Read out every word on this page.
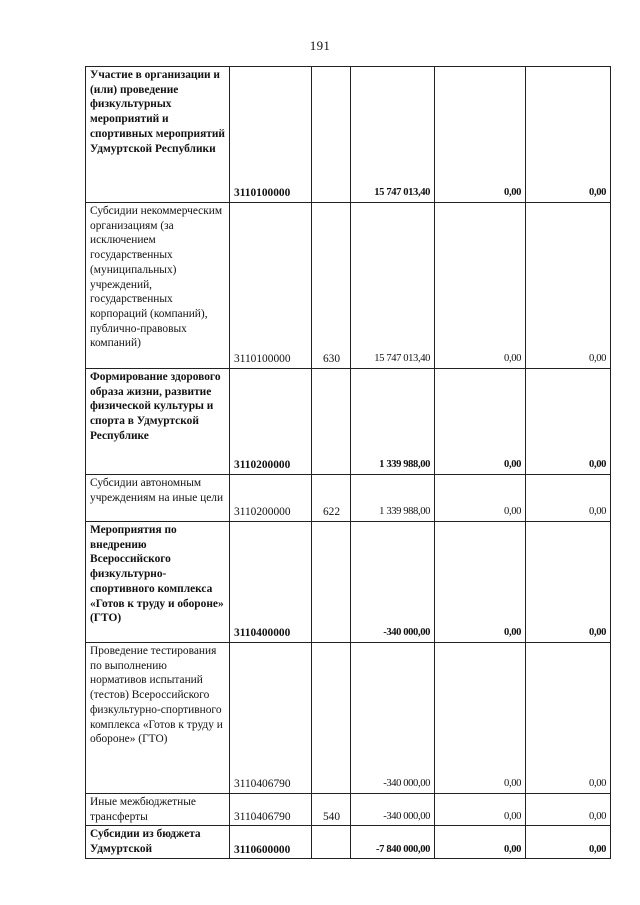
191
Участие в организации и (или) проведение физкультурных мероприятий и спортивных мероприятий Удмуртской Республики	3110100000		15 747 013,40	0,00	0,00
Субсидии некоммерческим организациям (за исключением государственных (муниципальных) учреждений, государственных корпораций (компаний), публично-правовых компаний)	3110100000	630	15 747 013,40	0,00	0,00
Формирование здорового образа жизни, развитие физической культуры и спорта в Удмуртской Республике	3110200000		1 339 988,00	0,00	0,00
Субсидии автономным учреждениям на иные цели	3110200000	622	1 339 988,00	0,00	0,00
Мероприятия по внедрению Всероссийского физкультурно-спортивного комплекса «Готов к труду и обороне» (ГТО)	3110400000		-340 000,00	0,00	0,00
Проведение тестирования по выполнению нормативов испытаний (тестов) Всероссийского физкультурно-спортивного комплекса «Готов к труду и обороне» (ГТО)	3110406790		-340 000,00	0,00	0,00
Иные межбюджетные трансферты	3110406790	540	-340 000,00	0,00	0,00
Субсидии из бюджета Удмуртской	3110600000		-7 840 000,00	0,00	0,00
